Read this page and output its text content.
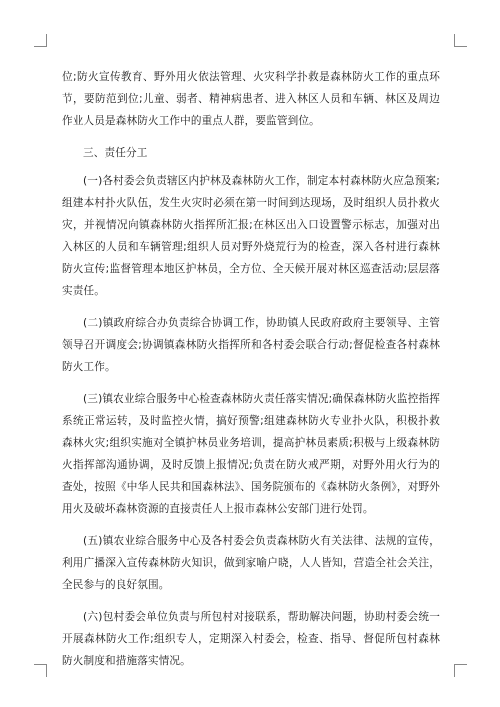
位;防火宣传教育、野外用火依法管理、火灾科学扑救是森林防火工作的重点环节，要防范到位;儿童、弱者、精神病患者、进入林区人员和车辆、林区及周边作业人员是森林防火工作中的重点人群，要监管到位。

三、责任分工

(一)各村委会负责辖区内护林及森林防火工作，制定本村森林防火应急预案;组建本村扑火队伍，发生火灾时必须在第一时间到达现场，及时组织人员扑救火灾，并视情况向镇森林防火指挥所汇报;在林区出入口设置警示标志，加强对出入林区的人员和车辆管理;组织人员对野外烧荒行为的检查，深入各村进行森林防火宣传;监督管理本地区护林员，全方位、全天候开展对林区巡查活动;层层落实责任。

(二)镇政府综合办负责综合协调工作，协助镇人民政府政府主要领导、主管领导召开调度会;协调镇森林防火指挥所和各村委会联合行动;督促检查各村森林防火工作。

(三)镇农业综合服务中心检查森林防火责任落实情况;确保森林防火监控指挥系统正常运转，及时监控火情，搞好预警;组建森林防火专业扑火队，积极扑救森林火灾;组织实施对全镇护林员业务培训，提高护林员素质;积极与上级森林防火指挥部沟通协调，及时反馈上报情况;负责在防火戒严期，对野外用火行为的查处，按照《中华人民共和国森林法》、国务院颁布的《森林防火条例》，对野外用火及破坏森林资源的直接责任人上报市森林公安部门进行处罚。

(五)镇农业综合服务中心及各村委会负责森林防火有关法律、法规的宣传，利用广播深入宣传森林防火知识，做到家喻户晓，人人皆知，营造全社会关注，全民参与的良好氛围。

(六)包村委会单位负责与所包村对接联系，帮助解决问题，协助村委会统一开展森林防火工作;组织专人，定期深入村委会，检查、指导、督促所包村森林防火制度和措施落实情况。
